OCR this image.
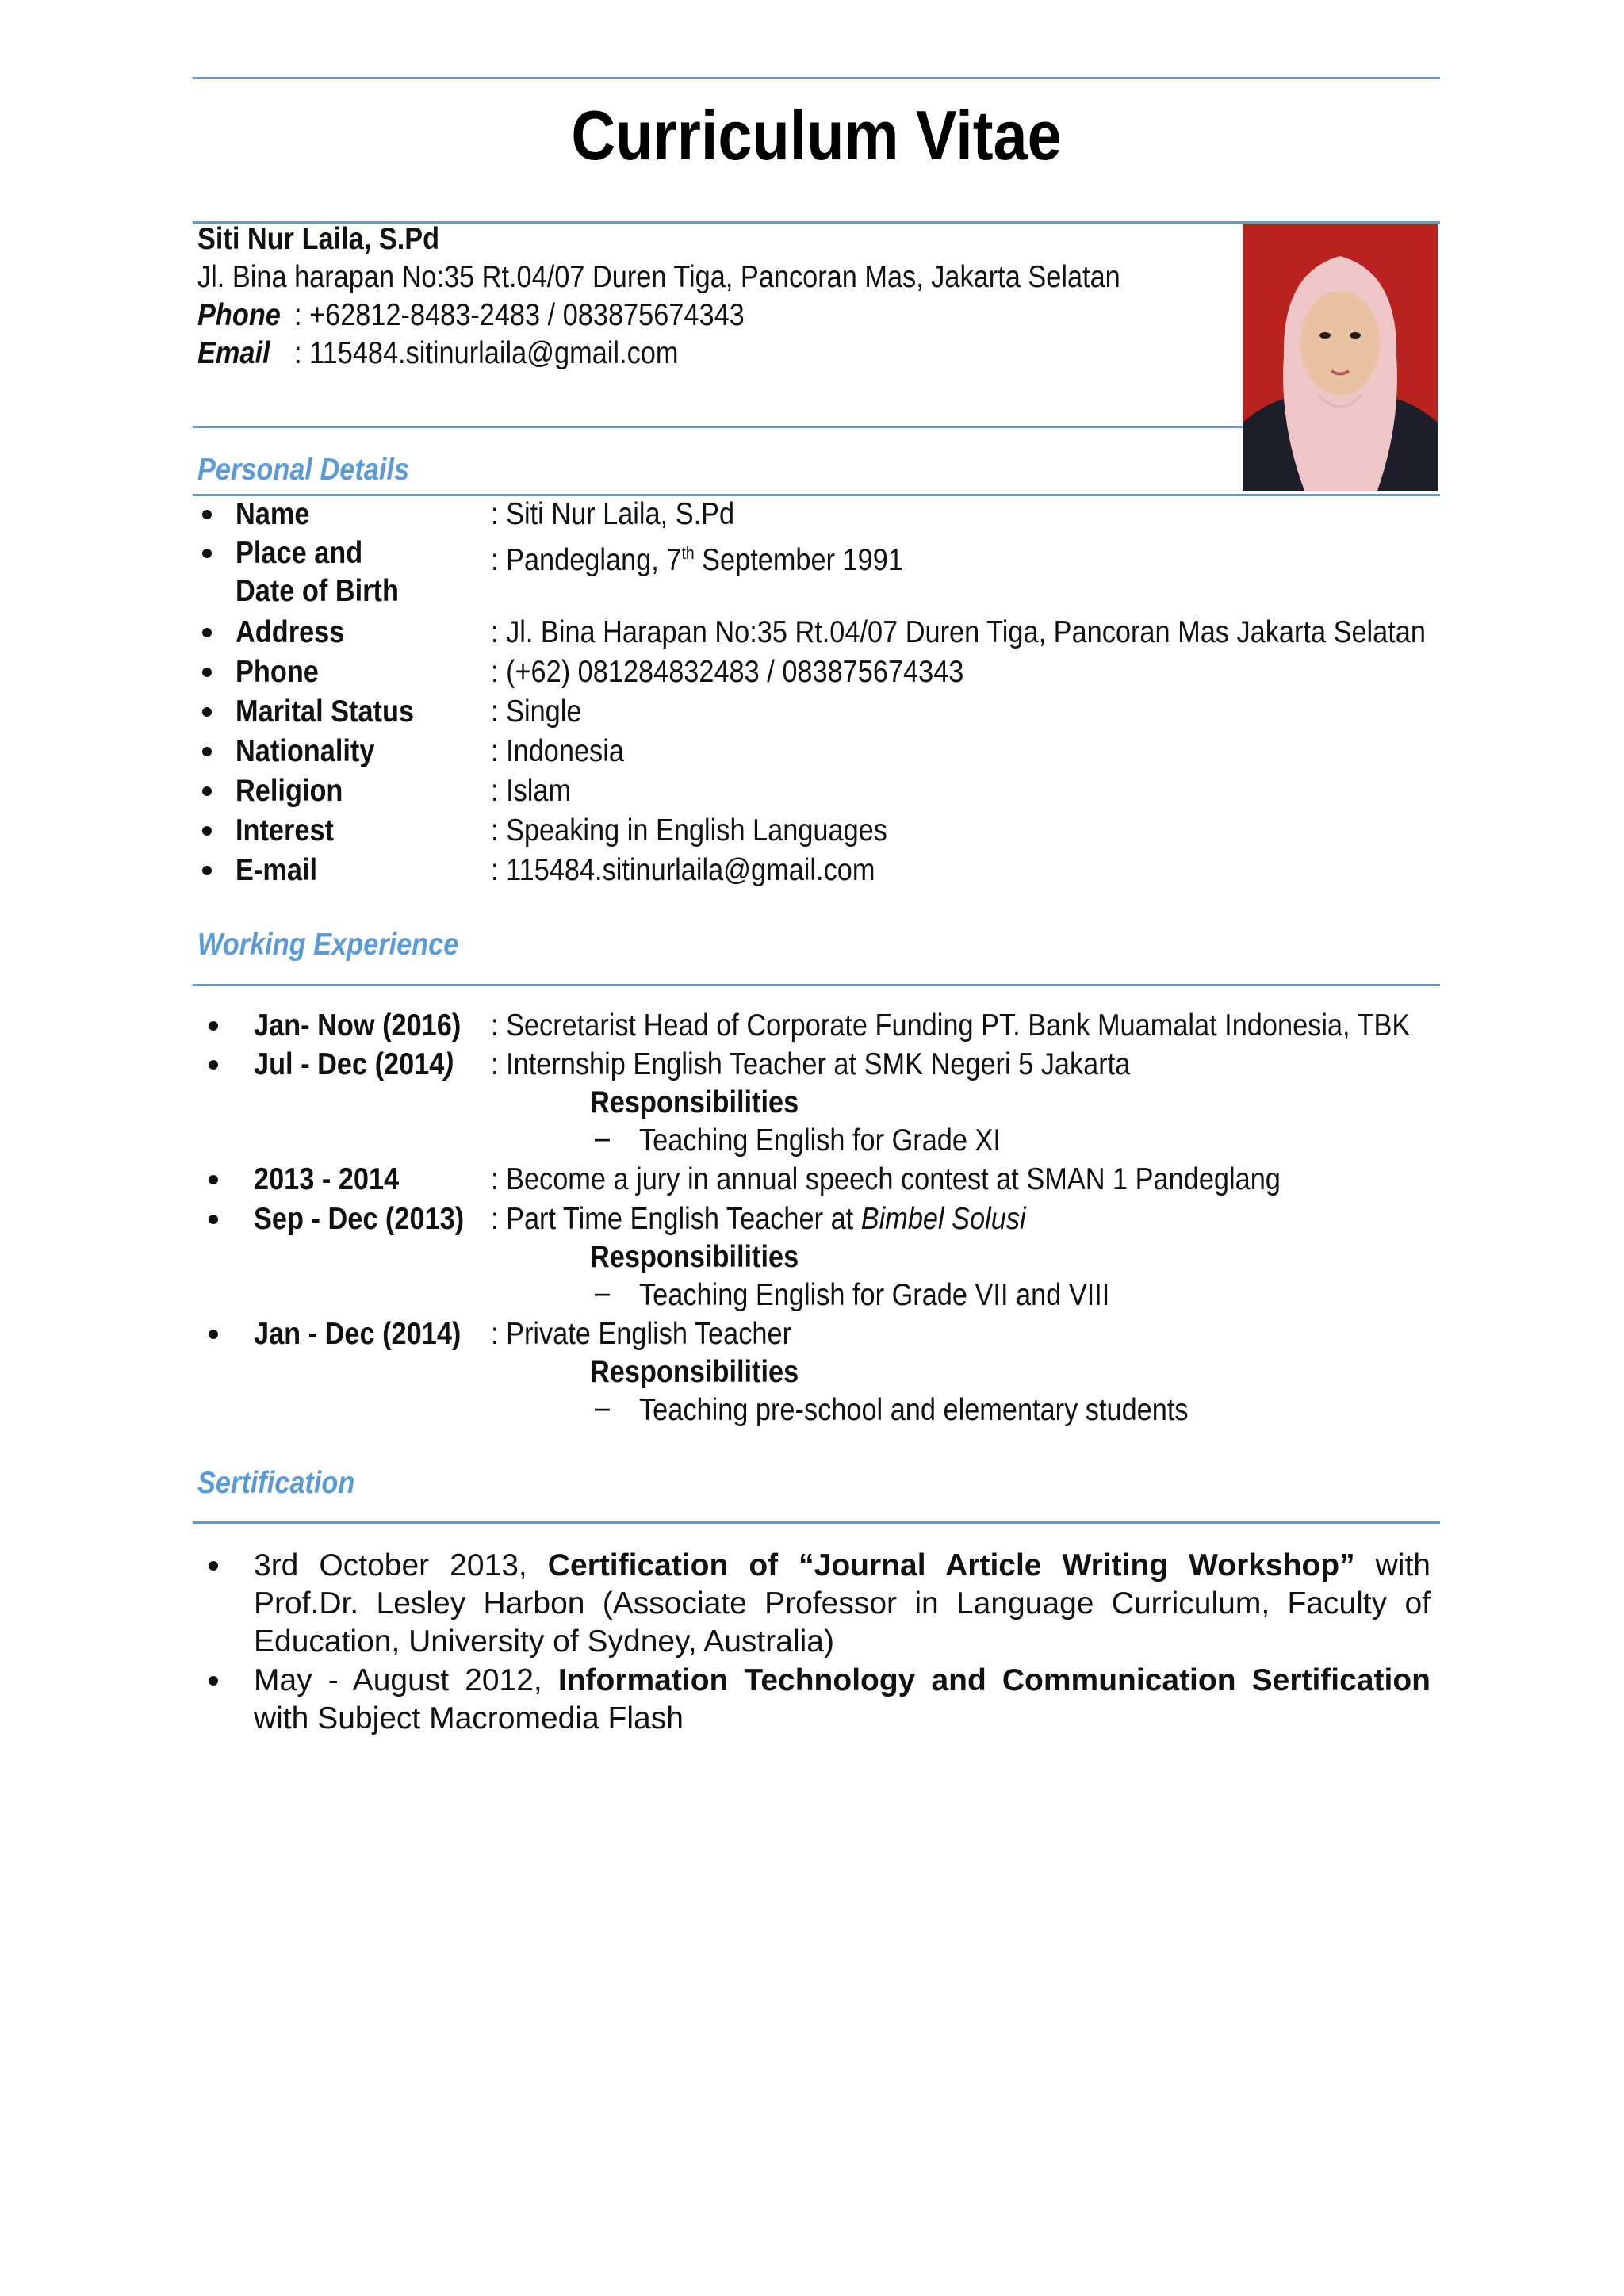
Curriculum Vitae
Siti Nur Laila, S.Pd
Jl. Bina harapan No:35 Rt.04/07 Duren Tiga, Pancoran Mas, Jakarta Selatan
Phone : +62812-8483-2483 / 083875674343
Email : 115484.sitinurlaila@gmail.com
Personal Details
Name	: Siti Nur Laila, S.Pd
Place and
Date of Birth
: Pandeglang, 7th September 1991
Address	: Jl. Bina Harapan No:35 Rt.04/07 Duren Tiga, Pancoran Mas Jakarta Selatan
Phone	: (+62) 081284832483 / 083875674343
Marital Status : Single
Nationality	: Indonesia
Religion	: Islam
Interest	: Speaking in English Languages
E-mail	: 115484.sitinurlaila@gmail.com
Working Experience
Jan- Now (2016) : Secretarist Head of Corporate Funding PT. Bank Muamalat Indonesia, TBK
Jul - Dec (2014) : Internship English Teacher at SMK Negeri 5 Jakarta
Responsibilities
− Teaching English for Grade XI
2013 - 2014	: Become a jury in annual speech contest at SMAN 1 Pandeglang
Sep - Dec (2013) : Part Time English Teacher at Bimbel Solusi
Responsibilities
− Teaching English for Grade VII and VIII
Jan - Dec (2014) : Private English Teacher
Responsibilities
− Teaching pre-school and elementary students
Sertification
3rd October 2013, Certification of “Journal Article Writing Workshop” with Prof.Dr. Lesley Harbon (Associate Professor in Language Curriculum, Faculty of Education, University of Sydney, Australia)
May - August 2012, Information Technology and Communication Sertification with Subject Macromedia Flash
